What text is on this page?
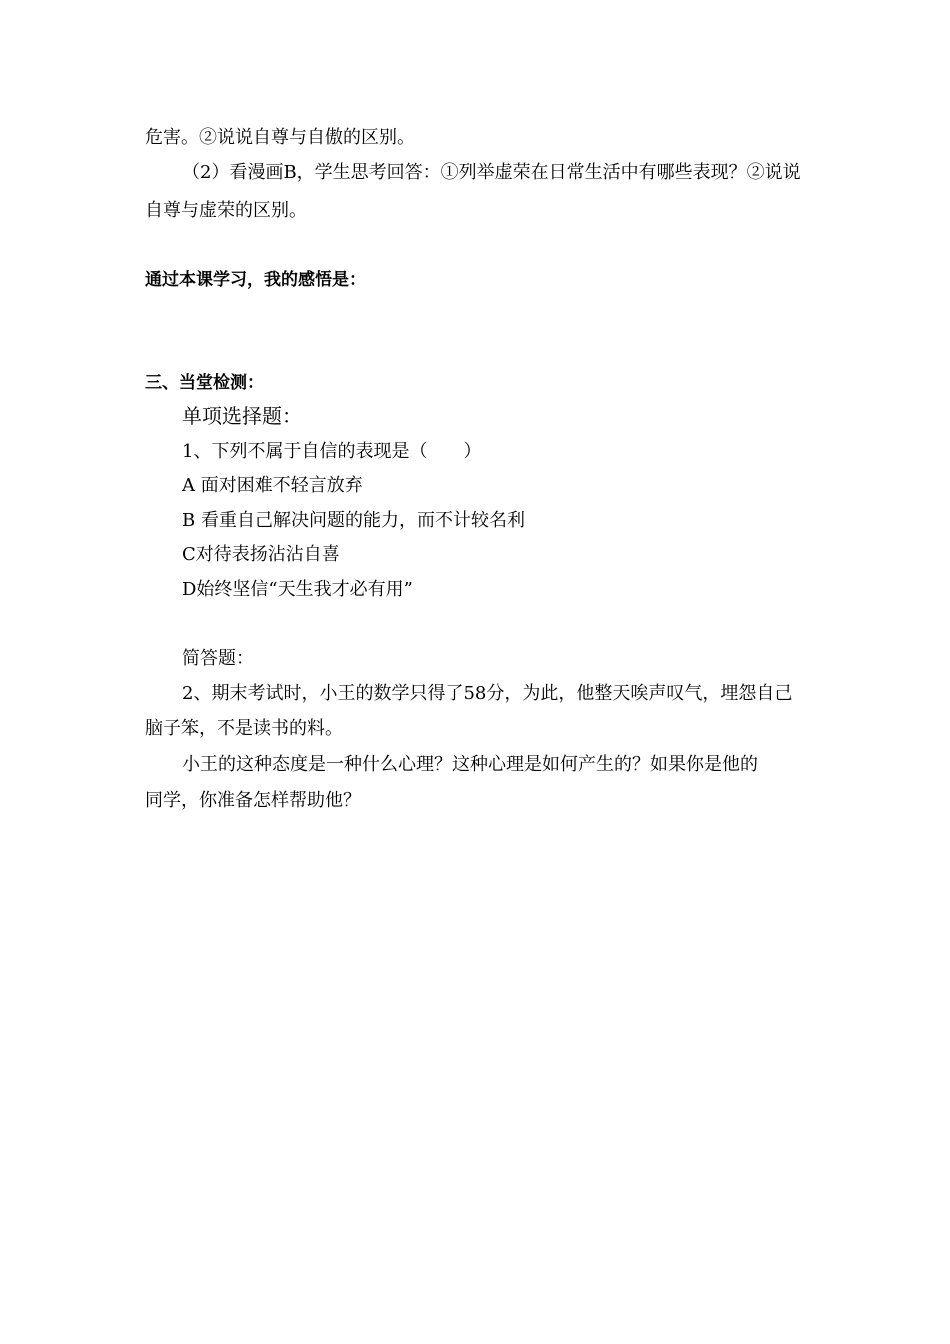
危害。②说说自尊与自傲的区别。
（2）看漫画B，学生思考回答：①列举虚荣在日常生活中有哪些表现？②说说
自尊与虚荣的区别。
通过本课学习，我的感悟是：
三、当堂检测：
单项选择题：
1、下列不属于自信的表现是（　　）
A 面对困难不轻言放弃
B 看重自己解决问题的能力，而不计较名利
C对待表扬沾沾自喜
D始终坚信“天生我才必有用”
简答题：
2、期末考试时，小王的数学只得了58分，为此，他整天唉声叹气，埋怨自己
脑子笨，不是读书的料。
小王的这种态度是一种什么心理？这种心理是如何产生的？如果你是他的
同学，你准备怎样帮助他？
